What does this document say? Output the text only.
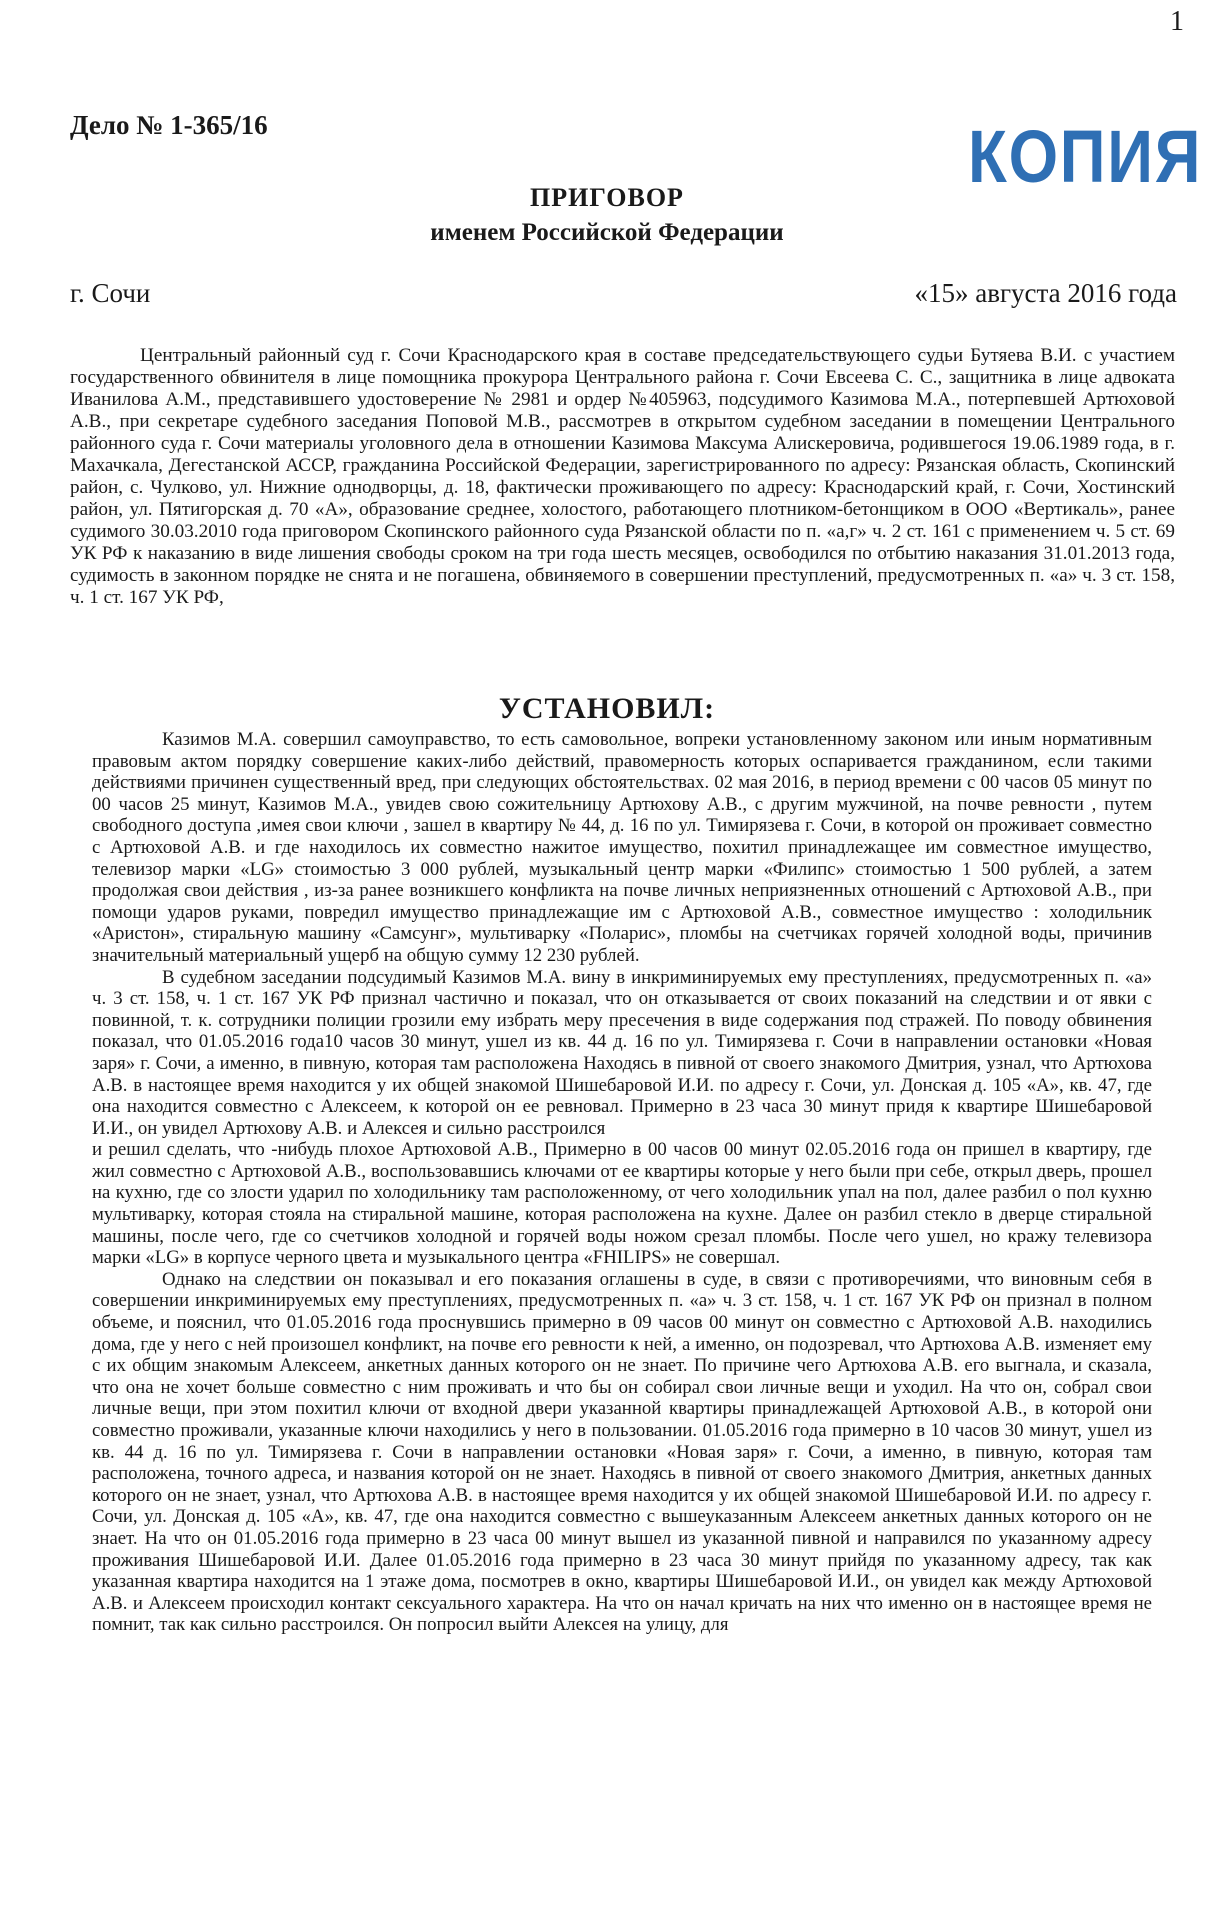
1
Дело № 1-365/16	КОПИЯ
ПРИГОВОР
именем Российской Федерации
г. Сочи	«15» августа 2016 года
Центральный районный суд г. Сочи Краснодарского края в составе председательствующего судьи Бутяева В.И. с участием государственного обвинителя в лице помощника прокурора Центрального района г. Сочи Евсеева С. С., защитника в лице адвоката Иванилова А.М., представившего удостоверение № 2981 и ордер №405963, подсудимого Казимова М.А., потерпевшей Артюховой А.В., при секретаре судебного заседания Поповой М.В., рассмотрев в открытом судебном заседании в помещении Центрального районного суда г. Сочи материалы уголовного дела в отношении Казимова Максума Алискеровича, родившегося 19.06.1989 года, в г. Махачкала, Дегестанской АССР, гражданина Российской Федерации, зарегистрированного по адресу: Рязанская область, Скопинский район, с. Чулково, ул. Нижние однодворцы, д. 18, фактически проживающего по адресу: Краснодарский край, г. Сочи, Хостинский район, ул. Пятигорская д. 70 «А», образование среднее, холостого, работающего плотником-бетонщиком в ООО «Вертикаль», ранее судимого 30.03.2010 года приговором Скопинского районного суда Рязанской области по п. «а,г» ч. 2 ст. 161 с применением ч. 5 ст. 69 УК РФ к наказанию в виде лишения свободы сроком на три года шесть месяцев, освободился по отбытию наказания 31.01.2013 года, судимость в законном порядке не снята и не погашена, обвиняемого в совершении преступлений, предусмотренных п. «а» ч. 3 ст. 158, ч. 1 ст. 167 УК РФ,
УСТАНОВИЛ:

Казимов М.А. совершил самоуправство, то есть самовольное, вопреки установленному законом или иным нормативным правовым актом порядку совершение каких-либо действий, правомерность которых оспаривается гражданином, если такими действиями причинен существенный вред, при следующих обстоятельствах. 02 мая 2016, в период времени с 00 часов 05 минут по 00 часов 25 минут, Казимов М.А., увидев свою сожительницу Артюхову А.В., с другим мужчиной, на почве ревности , путем свободного доступа ,имея свои ключи , зашел в квартиру № 44, д. 16 по ул. Тимирязева г. Сочи, в которой он проживает совместно с Артюховой А.В. и где находилось их совместно нажитое имущество, похитил принадлежащее им совместное имущество, телевизор марки «LG» стоимостью 3 000 рублей, музыкальный центр марки «Филипс» стоимостью 1 500 рублей, а затем продолжая свои действия , из-за ранее возникшего конфликта на почве личных неприязненных отношений с Артюховой А.В., при помощи ударов руками, повредил имущество принадлежащие им с Артюховой А.В., совместное имущество : холодильник «Аристон», стиральную машину «Самсунг», мультиварку «Поларис», пломбы на счетчиках горячей холодной воды, причинив значительный материальный ущерб на общую сумму 12 230 рублей.

В судебном заседании подсудимый Казимов М.А. вину в инкриминируемых ему преступлениях, предусмотренных п. «а» ч. 3 ст. 158, ч. 1 ст. 167 УК РФ признал частично и показал, что он отказывается от своих показаний на следствии и от явки с повинной, т. к. сотрудники полиции грозили ему избрать меру пресечения в виде содержания под стражей. По поводу обвинения показал, что 01.05.2016 года10 часов 30 минут, ушел из кв. 44 д. 16 по ул. Тимирязева г. Сочи в направлении остановки «Новая заря» г. Сочи, а именно, в пивную, которая там расположена Находясь в пивной от своего знакомого Дмитрия, узнал, что Артюхова А.В. в настоящее время находится у их общей знакомой Шишебаровой И.И. по адресу г. Сочи, ул. Донская д. 105 «А», кв. 47, где она находится совместно с Алексеем, к которой он ее ревновал. Примерно в 23 часа 30 минут придя к квартире Шишебаровой И.И., он увидел Артюхову А.В. и Алексея и сильно расстроился

и решил сделать, что -нибудь плохое Артюховой А.В., Примерно в 00 часов 00 минут 02.05.2016 года он пришел в квартиру, где жил совместно с Артюховой А.В., воспользовавшись ключами от ее квартиры которые у него были при себе, открыл дверь, прошел на кухню, где со злости ударил по холодильнику там расположенному, от чего холодильник упал на пол, далее разбил о пол кухню мультиварку, которая стояла на стиральной машине, которая расположена на кухне. Далее он разбил стекло в дверце стиральной машины, после чего, где со счетчиков холодной и горячей воды ножом срезал пломбы. После чего ушел, но кражу телевизора марки «LG» в корпусе черного цвета и музыкального центра «FHILIPS» не совершал.

Однако на следствии он показывал и его показания оглашены в суде, в связи с противоречиями, что виновным себя в совершении инкриминируемых ему преступлениях, предусмотренных п. «а» ч. 3 ст. 158, ч. 1 ст. 167 УК РФ он признал в полном объеме, и пояснил, что 01.05.2016 года проснувшись примерно в 09 часов 00 минут он совместно с Артюховой А.В. находились дома, где у него с ней произошел конфликт, на почве его ревности к ней, а именно, он подозревал, что Артюхова А.В. изменяет ему с их общим знакомым Алексеем, анкетных данных которого он не знает. По причине чего Артюхова А.В. его выгнала, и сказала, что она не хочет больше совместно с ним проживать и что бы он собирал свои личные вещи и уходил. На что он, собрал свои личные вещи, при этом похитил ключи от входной двери указанной квартиры принадлежащей Артюховой А.В., в которой они совместно проживали, указанные ключи находились у него в пользовании. 01.05.2016 года примерно в 10 часов 30 минут, ушел из кв. 44 д. 16 по ул. Тимирязева г. Сочи в направлении остановки «Новая заря» г. Сочи, а именно, в пивную, которая там расположена, точного адреса, и названия которой он не знает. Находясь в пивной от своего знакомого Дмитрия, анкетных данных которого он не знает, узнал, что Артюхова А.В. в настоящее время находится у их общей знакомой Шишебаровой И.И. по адресу г. Сочи, ул. Донская д. 105 «А», кв. 47, где она находится совместно с вышеуказанным Алексеем анкетных данных которого он не знает. На что он 01.05.2016 года примерно в 23 часа 00 минут вышел из указанной пивной и направился по указанному адресу проживания Шишебаровой И.И. Далее 01.05.2016 года примерно в 23 часа 30 минут прийдя по указанному адресу, так как указанная квартира находится на 1 этаже дома, посмотрев в окно, квартиры Шишебаровой И.И., он увидел как между Артюховой А.В. и Алексеем происходил контакт сексуального характера. На что он начал кричать на них что именно он в настоящее время не помнит, так как сильно расстроился. Он попросил выйти Алексея на улицу, для
